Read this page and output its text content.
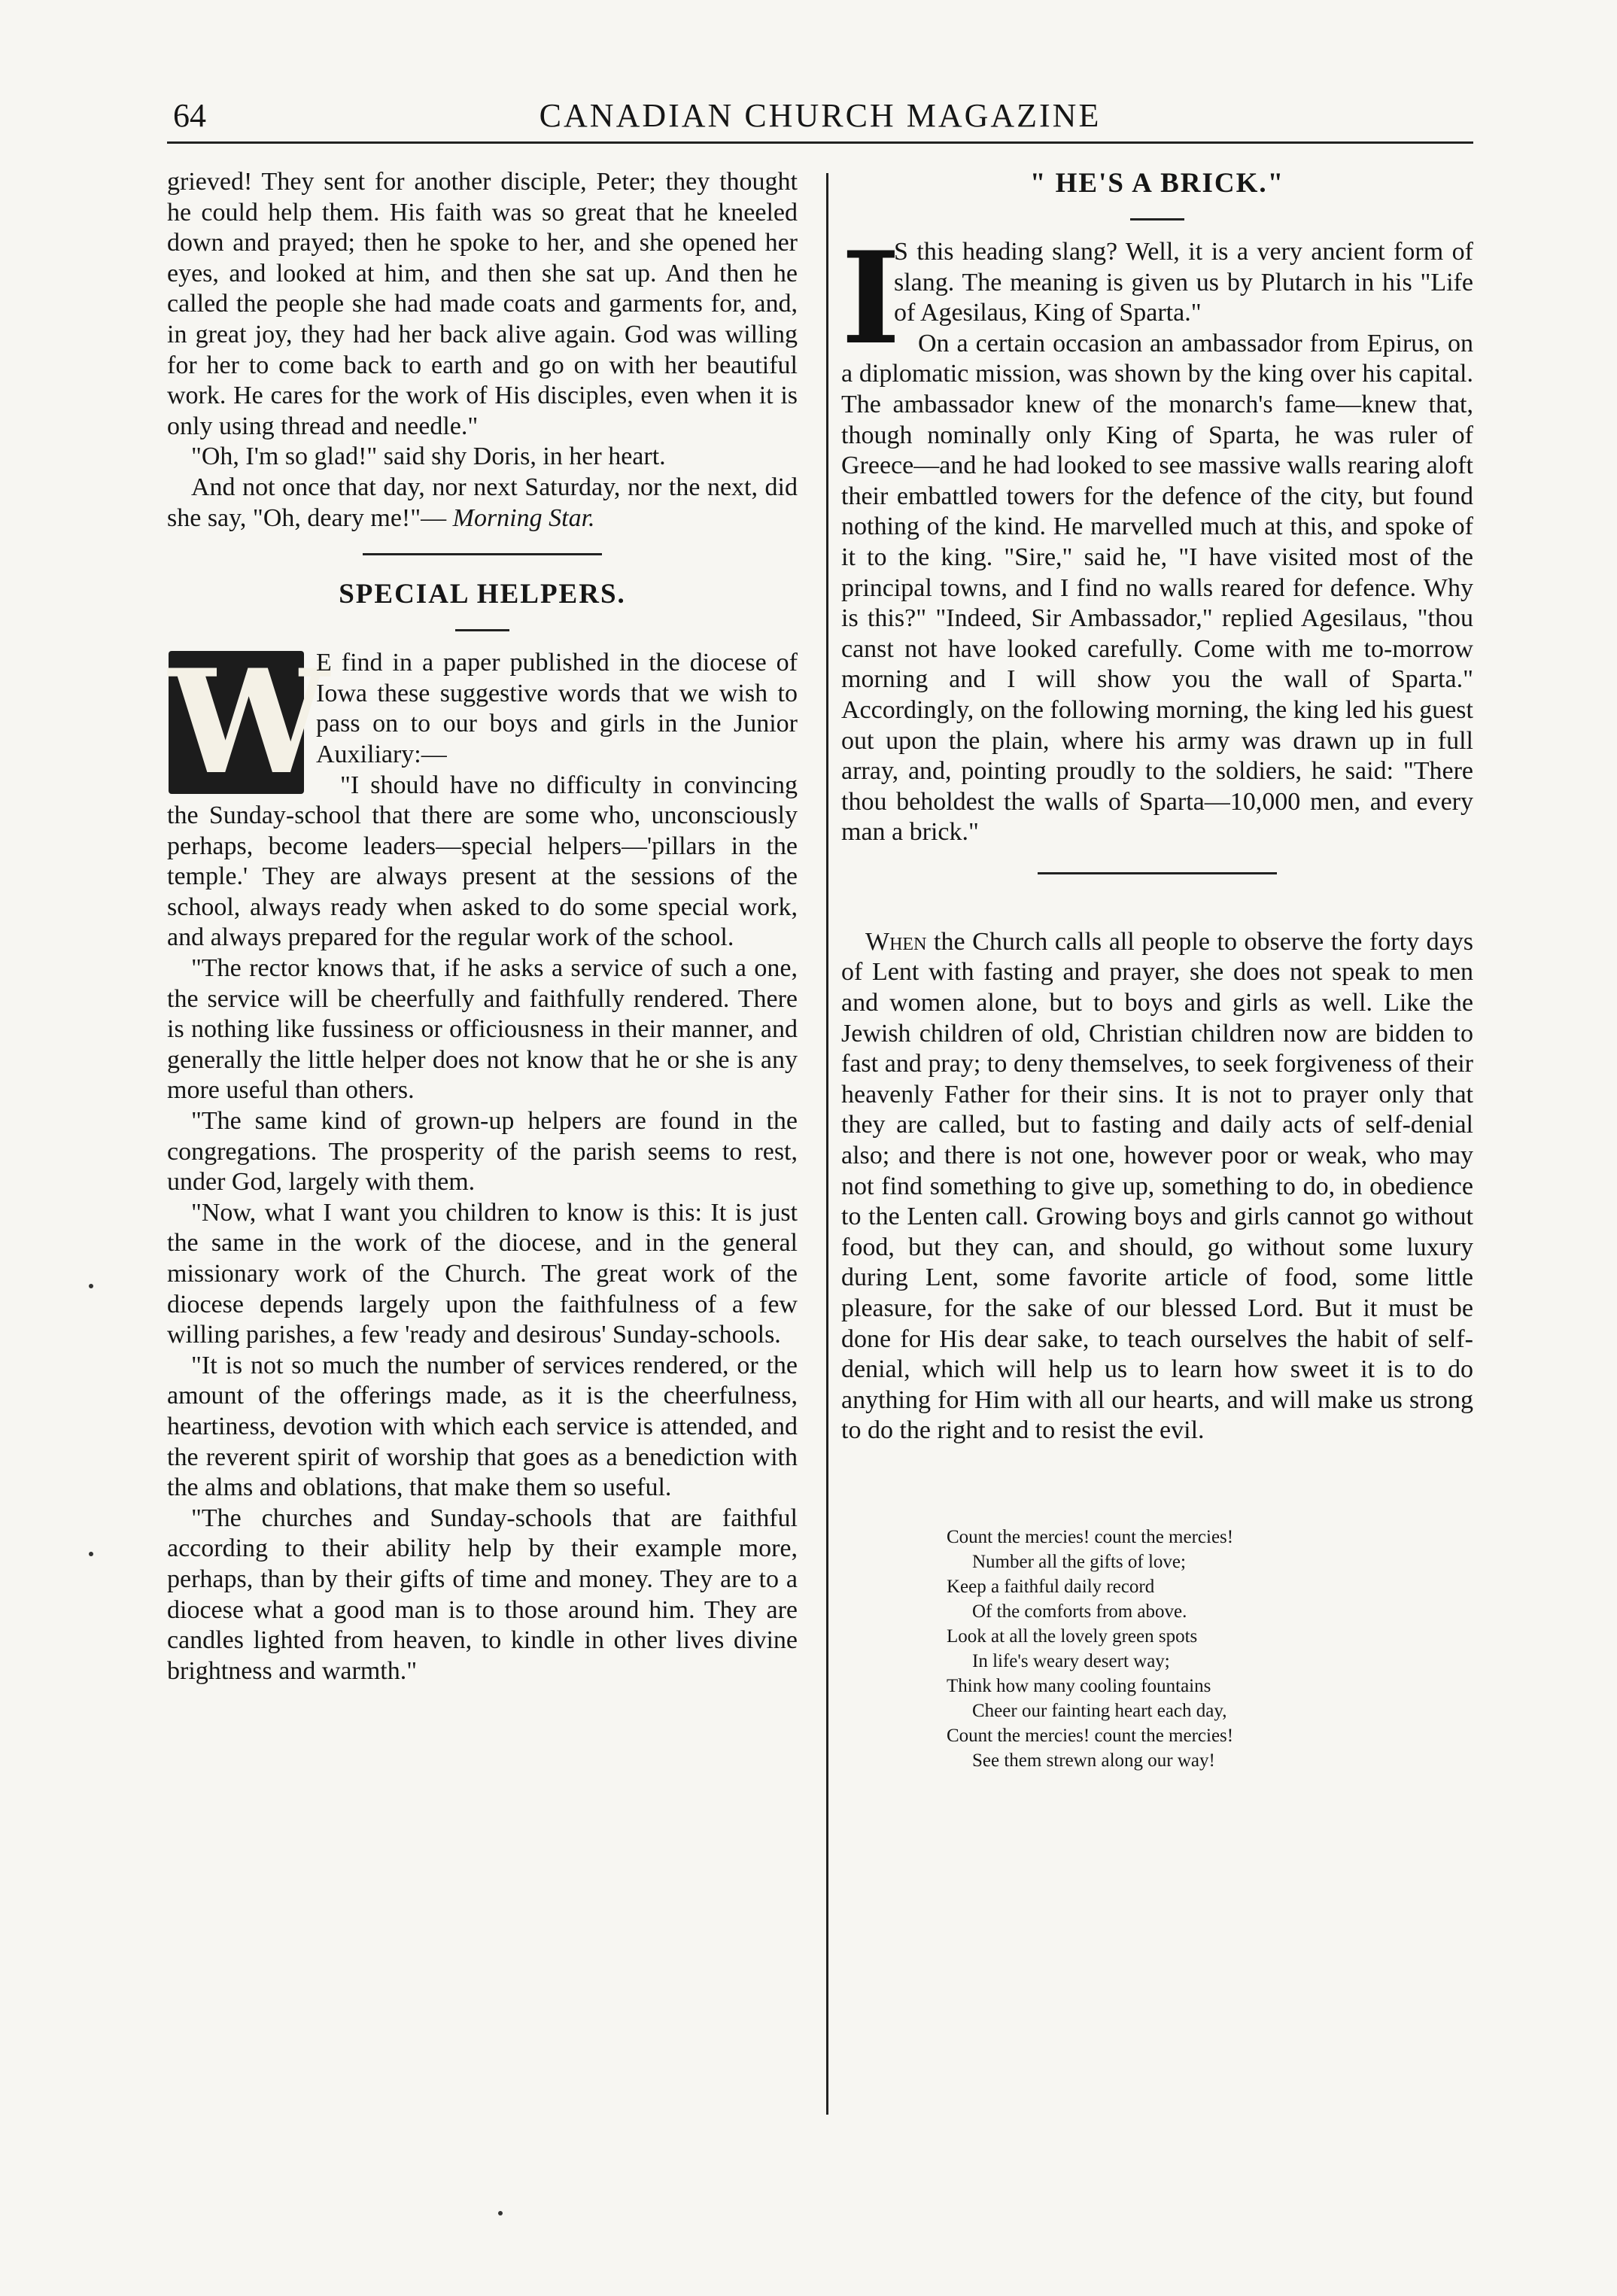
64	CANADIAN CHURCH MAGAZINE

grieved! They sent for another disciple, Peter; they thought he could help them. His faith was so great that he kneeled down and prayed; then he spoke to her, and she opened her eyes, and looked at him, and then she sat up. And then he called the people she had made coats and garments for, and, in great joy, they had her back alive again. God was willing for her to come back to earth and go on with her beautiful work. He cares for the work of His disciples, even when it is only using thread and needle."

"Oh, I'm so glad!" said shy Doris, in her heart.

And not once that day, nor next Saturday, nor the next, did she say, "Oh, deary me!"— Morning Star.

SPECIAL HELPERS.
W

E find in a paper published in the diocese of Iowa these suggestive words that we wish to pass on to our boys and girls in the Junior Auxiliary:—

"I should have no difficulty in convincing the Sunday-school that there are some who, unconsciously perhaps, become leaders—special helpers—'pillars in the temple.' They are always present at the sessions of the school, always ready when asked to do some special work, and always prepared for the regular work of the school.

"The rector knows that, if he asks a service of such a one, the service will be cheerfully and faithfully rendered. There is nothing like fussiness or officiousness in their manner, and generally the little helper does not know that he or she is any more useful than others.

"The same kind of grown-up helpers are found in the congregations. The prosperity of the parish seems to rest, under God, largely with them.

"Now, what I want you children to know is this: It is just the same in the work of the diocese, and in the general missionary work of the Church. The great work of the diocese depends largely upon the faithfulness of a few willing parishes, a few 'ready and desirous' Sunday-schools.

"It is not so much the number of services rendered, or the amount of the offerings made, as it is the cheerfulness, heartiness, devotion with which each service is attended, and the reverent spirit of worship that goes as a benediction with the alms and oblations, that make them so useful.

"The churches and Sunday-schools that are faithful according to their ability help by their example more, perhaps, than by their gifts of time and money. They are to a diocese what a good man is to those around him. They are candles lighted from heaven, to kindle in other lives divine brightness and warmth."

" HE'S A BRICK."
I

S this heading slang? Well, it is a very ancient form of slang. The meaning is given us by Plutarch in his "Life of Agesilaus, King of Sparta."

On a certain occasion an ambassador from Epirus, on a diplomatic mission, was shown by the king over his capital. The ambassador knew of the monarch's fame—knew that, though nominally only King of Sparta, he was ruler of Greece—and he had looked to see massive walls rearing aloft their embattled towers for the defence of the city, but found nothing of the kind. He marvelled much at this, and spoke of it to the king. "Sire," said he, "I have visited most of the principal towns, and I find no walls reared for defence. Why is this?" "Indeed, Sir Ambassador," replied Agesilaus, "thou canst not have looked carefully. Come with me to-morrow morning and I will show you the wall of Sparta." Accordingly, on the following morning, the king led his guest out upon the plain, where his army was drawn up in full array, and, pointing proudly to the soldiers, he said: "There thou beholdest the walls of Sparta—10,000 men, and every man a brick."

When the Church calls all people to observe the forty days of Lent with fasting and prayer, she does not speak to men and women alone, but to boys and girls as well. Like the Jewish children of old, Christian children now are bidden to fast and pray; to deny themselves, to seek forgiveness of their heavenly Father for their sins. It is not to prayer only that they are called, but to fasting and daily acts of self-denial also; and there is not one, however poor or weak, who may not find something to give up, something to do, in obedience to the Lenten call. Growing boys and girls cannot go without food, but they can, and should, go without some luxury during Lent, some favorite article of food, some little pleasure, for the sake of our blessed Lord. But it must be done for His dear sake, to teach ourselves the habit of self-denial, which will help us to learn how sweet it is to do anything for Him with all our hearts, and will make us strong to do the right and to resist the evil.

Count the mercies! count the mercies!
Number all the gifts of love;
Keep a faithful daily record
Of the comforts from above.
Look at all the lovely green spots
In life's weary desert way;
Think how many cooling fountains
Cheer our fainting heart each day,
Count the mercies! count the mercies!
See them strewn along our way!
